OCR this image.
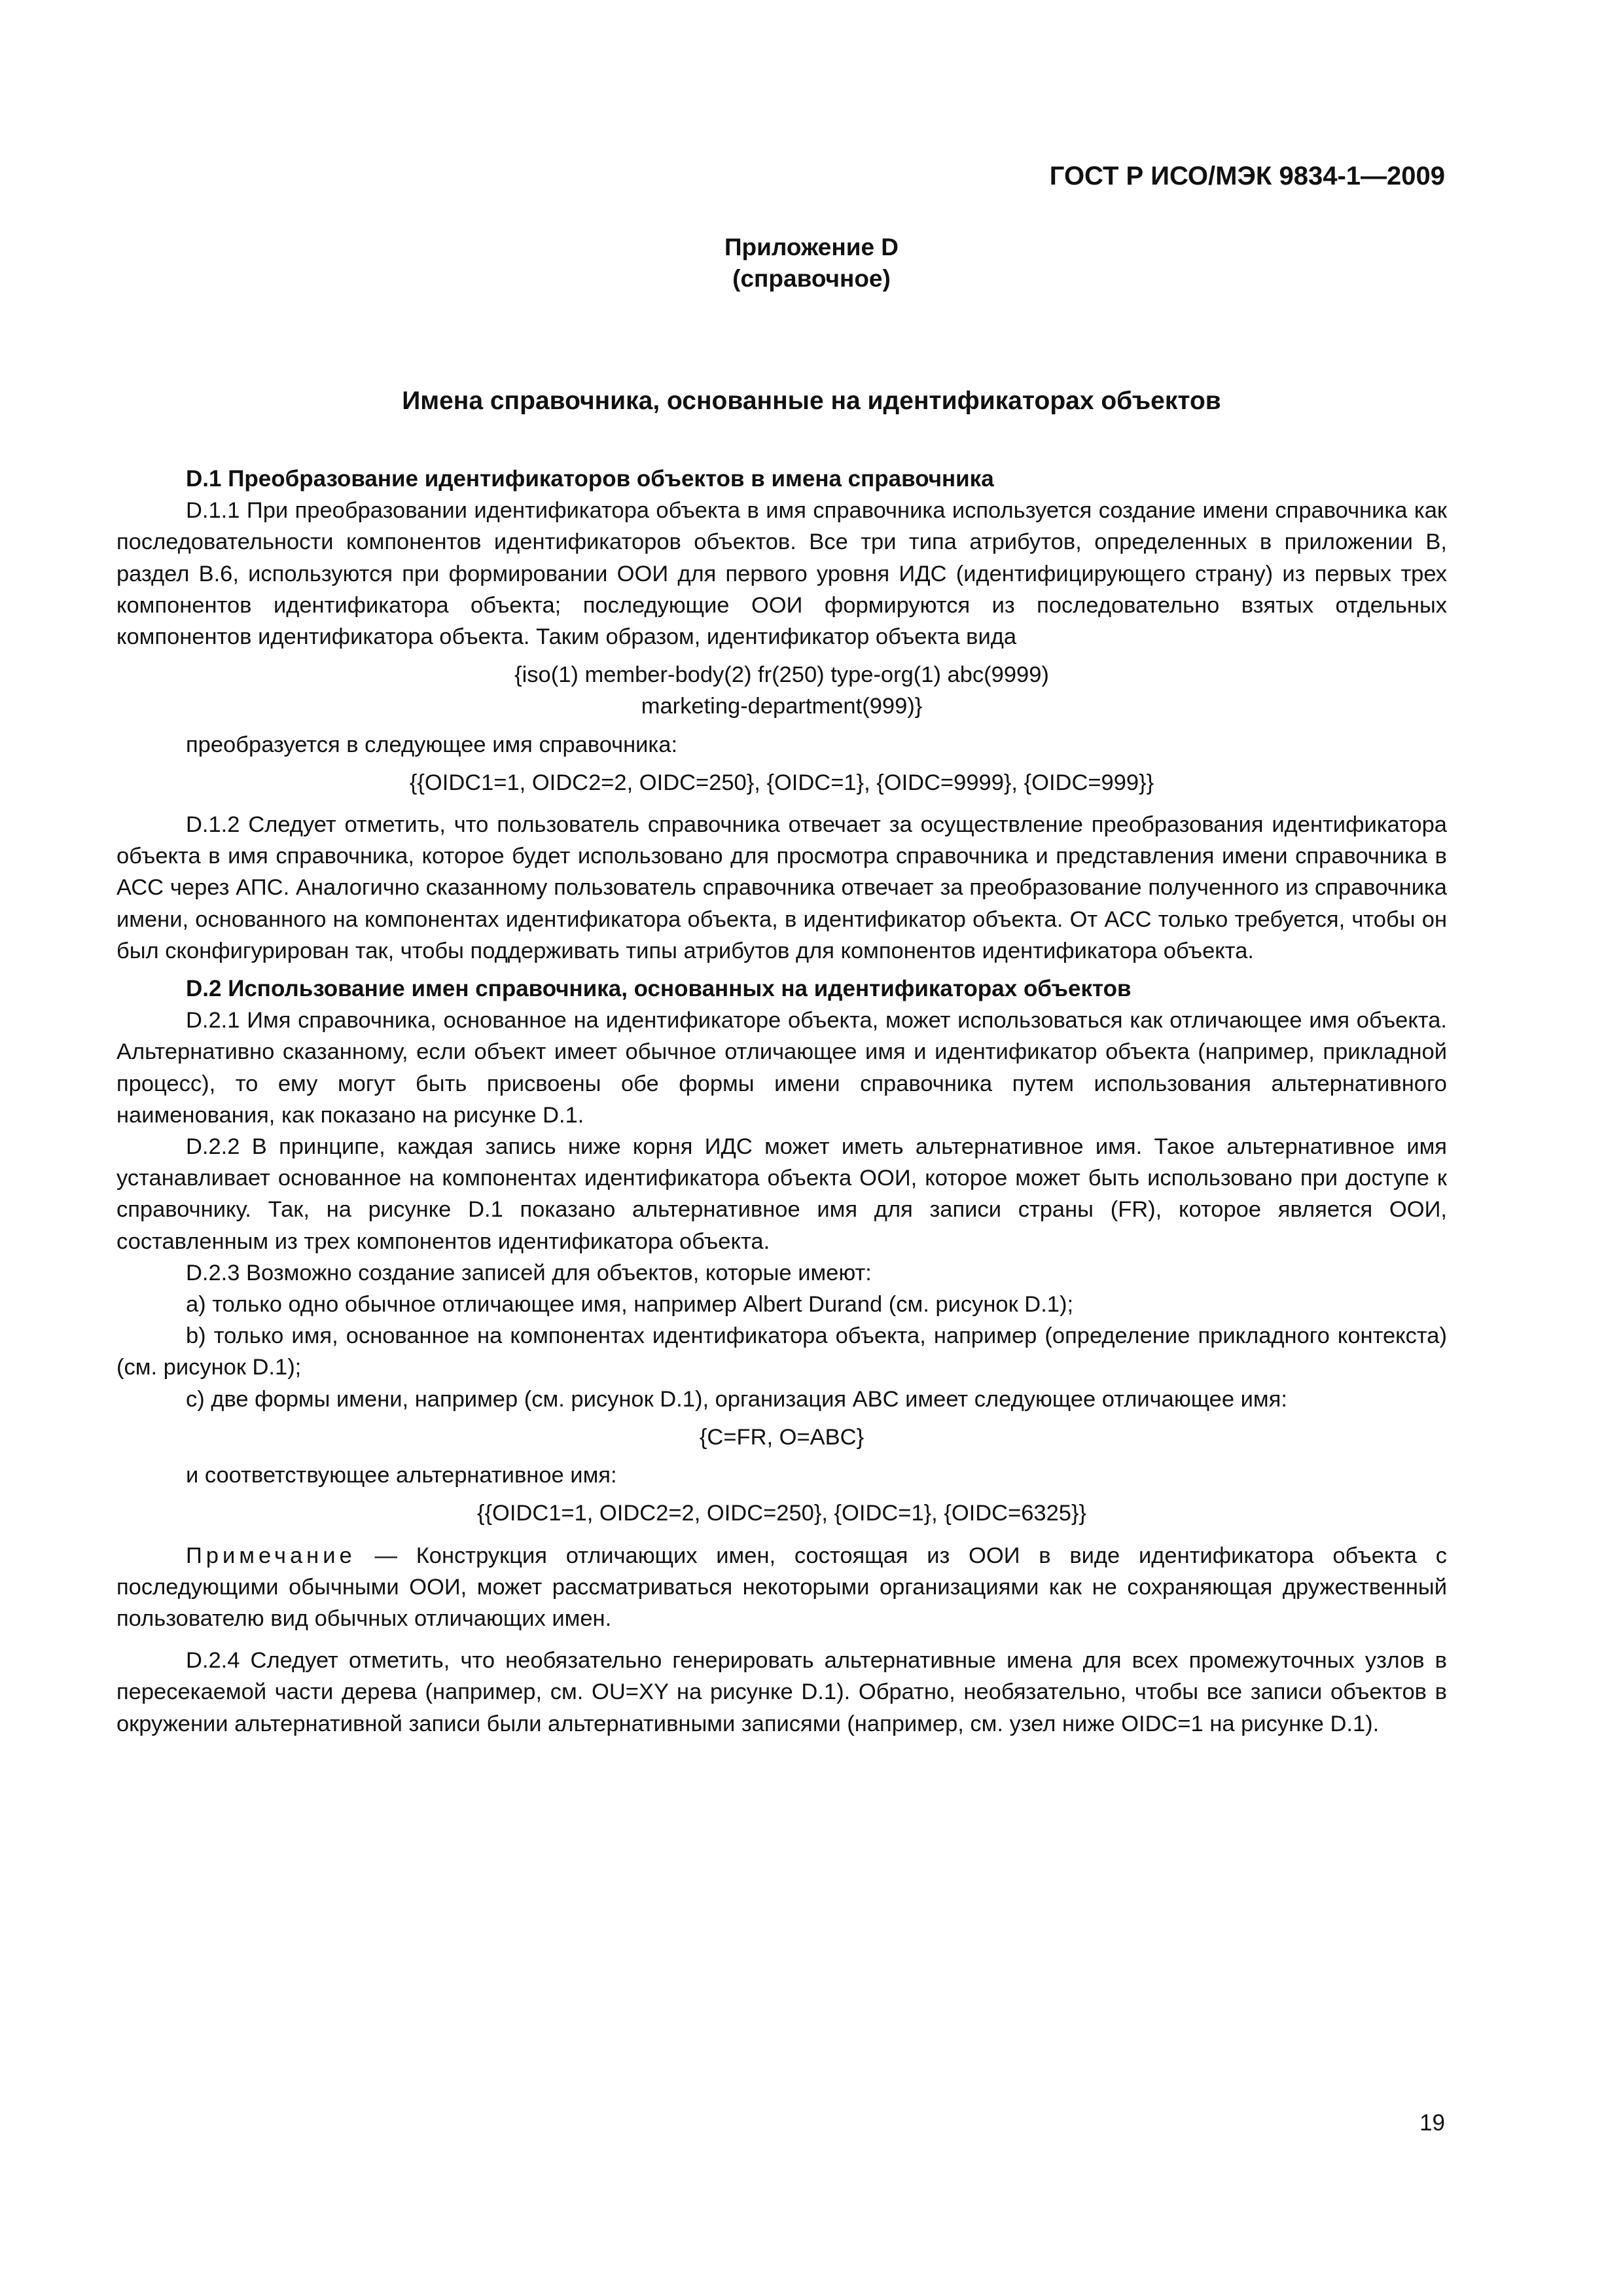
ГОСТ Р ИСО/МЭК 9834-1—2009
Приложение D
(справочное)
Имена справочника, основанные на идентификаторах объектов
D.1 Преобразование идентификаторов объектов в имена справочника

D.1.1 При преобразовании идентификатора объекта в имя справочника используется создание имени справочника как последовательности компонентов идентификаторов объектов. Все три типа атрибутов, определенных в приложении B, раздел B.6, используются при формировании ООИ для первого уровня ИДС (идентифицирующего страну) из первых трех компонентов идентификатора объекта; последующие ООИ формируются из последовательно взятых отдельных компонентов идентификатора объекта. Таким образом, идентификатор объекта вида

{iso(1) member-body(2) fr(250) type-org(1) abc(9999)
marketing-department(999)}

преобразуется в следующее имя справочника:

{{OIDC1=1, OIDC2=2, OIDC=250}, {OIDC=1}, {OIDC=9999}, {OIDC=999}}

D.1.2 Следует отметить, что пользователь справочника отвечает за осуществление преобразования идентификатора объекта в имя справочника, которое будет использовано для просмотра справочника и представления имени справочника в АСС через АПС. Аналогично сказанному пользователь справочника отвечает за преобразование полученного из справочника имени, основанного на компонентах идентификатора объекта, в идентификатор объекта. От АСС только требуется, чтобы он был сконфигурирован так, чтобы поддерживать типы атрибутов для компонентов идентификатора объекта.

D.2 Использование имен справочника, основанных на идентификаторах объектов

D.2.1 Имя справочника, основанное на идентификаторе объекта, может использоваться как отличающее имя объекта. Альтернативно сказанному, если объект имеет обычное отличающее имя и идентификатор объекта (например, прикладной процесс), то ему могут быть присвоены обе формы имени справочника путем использования альтернативного наименования, как показано на рисунке D.1.

D.2.2 В принципе, каждая запись ниже корня ИДС может иметь альтернативное имя. Такое альтернативное имя устанавливает основанное на компонентах идентификатора объекта ООИ, которое может быть использовано при доступе к справочнику. Так, на рисунке D.1 показано альтернативное имя для записи страны (FR), которое является ООИ, составленным из трех компонентов идентификатора объекта.

D.2.3 Возможно создание записей для объектов, которые имеют:

a) только одно обычное отличающее имя, например Albert Durand (см. рисунок D.1);

b) только имя, основанное на компонентах идентификатора объекта, например (определение прикладного контекста) (см. рисунок D.1);

c) две формы имени, например (см. рисунок D.1), организация ABC имеет следующее отличающее имя:

{C=FR, O=ABC}

и соответствующее альтернативное имя:

{{OIDC1=1, OIDC2=2, OIDC=250}, {OIDC=1}, {OIDC=6325}}

Примечание — Конструкция отличающих имен, состоящая из ООИ в виде идентификатора объекта с последующими обычными ООИ, может рассматриваться некоторыми организациями как не сохраняющая дружественный пользователю вид обычных отличающих имен.

D.2.4 Следует отметить, что необязательно генерировать альтернативные имена для всех промежуточных узлов в пересекаемой части дерева (например, см. OU=XY на рисунке D.1). Обратно, необязательно, чтобы все записи объектов в окружении альтернативной записи были альтернативными записями (например, см. узел ниже OIDC=1 на рисунке D.1).

19
